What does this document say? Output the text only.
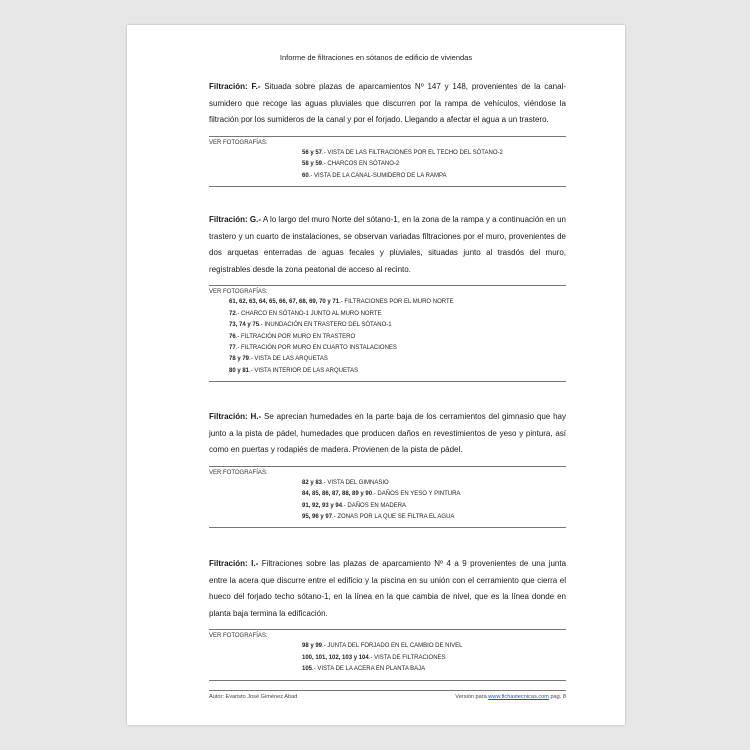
Informe de filtraciones en sótanos de edificio de viviendas

Filtración: F.- Situada sobre plazas de aparcamientos Nº 147 y 148, provenientes de la canal-sumidero que recoge las aguas pluviales que discurren por la rampa de vehículos, viéndose la filtración por los sumideros de la canal y por el forjado. Llegando a afectar el agua a un trastero.

VER FOTOGRAFÍAS:
56 y 57.- VISTA DE LAS FILTRACIONES POR EL TECHO DEL SÓTANO-2
58 y 59.- CHARCOS EN SÓTANO-2
60.- VISTA DE LA CANAL-SUMIDERO DE LA RAMPA

Filtración: G.- A lo largo del muro Norte del sótano-1, en la zona de la rampa y a continuación en un trastero y un cuarto de instalaciones, se observan variadas filtraciones por el muro, provenientes de dos arquetas enterradas de aguas fecales y pluviales, situadas junto al trasdós del muro, registrables desde la zona peatonal de acceso al recinto.

VER FOTOGRAFÍAS:
61, 62, 63, 64, 65, 66, 67, 68, 69, 70 y 71.- FILTRACIONES POR EL MURO NORTE
72.- CHARCO EN SÓTANO-1 JUNTO AL MURO NORTE
73, 74 y 75.- INUNDACIÓN EN TRASTERO DEL SÓTANO-1
76.- FILTRACIÓN POR MURO EN TRASTERO
77.- FILTRACIÓN POR MURO EN CUARTO INSTALACIONES
78 y 79.- VISTA DE LAS ARQUETAS
80 y 81.- VISTA INTERIOR DE LAS ARQUETAS

Filtración: H.- Se aprecian humedades en la parte baja de los cerramientos del gimnasio que hay junto a la pista de pádel, humedades que producen daños en revestimientos de yeso y pintura, así como en puertas y rodapiés de madera. Provienen de la pista de pádel.

VER FOTOGRAFÍAS:
82 y 83.- VISTA DEL GIMNASIO
84, 85, 86, 87, 88, 89 y 90.- DAÑOS EN YESO Y PINTURA
91, 92, 93 y 94.- DAÑOS EN MADERA
95, 96 y 97.- ZONAS POR LA QUE SE FILTRA EL AGUA

Filtración: I.- Filtraciones sobre las plazas de aparcamiento Nº 4 a 9 provenientes de una junta entre la acera que discurre entre el edificio y la piscina en su unión con el cerramiento que cierra el hueco del forjado techo sótano-1, en la línea en la que cambia de nivel, que es la línea donde en planta baja termina la edificación.

VER FOTOGRAFÍAS:
98 y 99.- JUNTA DEL FORJADO EN EL CAMBIO DE NIVEL
100, 101, 102, 103 y 104.- VISTA DE FILTRACIONES
105.- VISTA DE LA ACERA EN PLANTA BAJA
Autor: Evaristo José Giménez Abad	Versión para www.fichastecnicas.com pag. 8
